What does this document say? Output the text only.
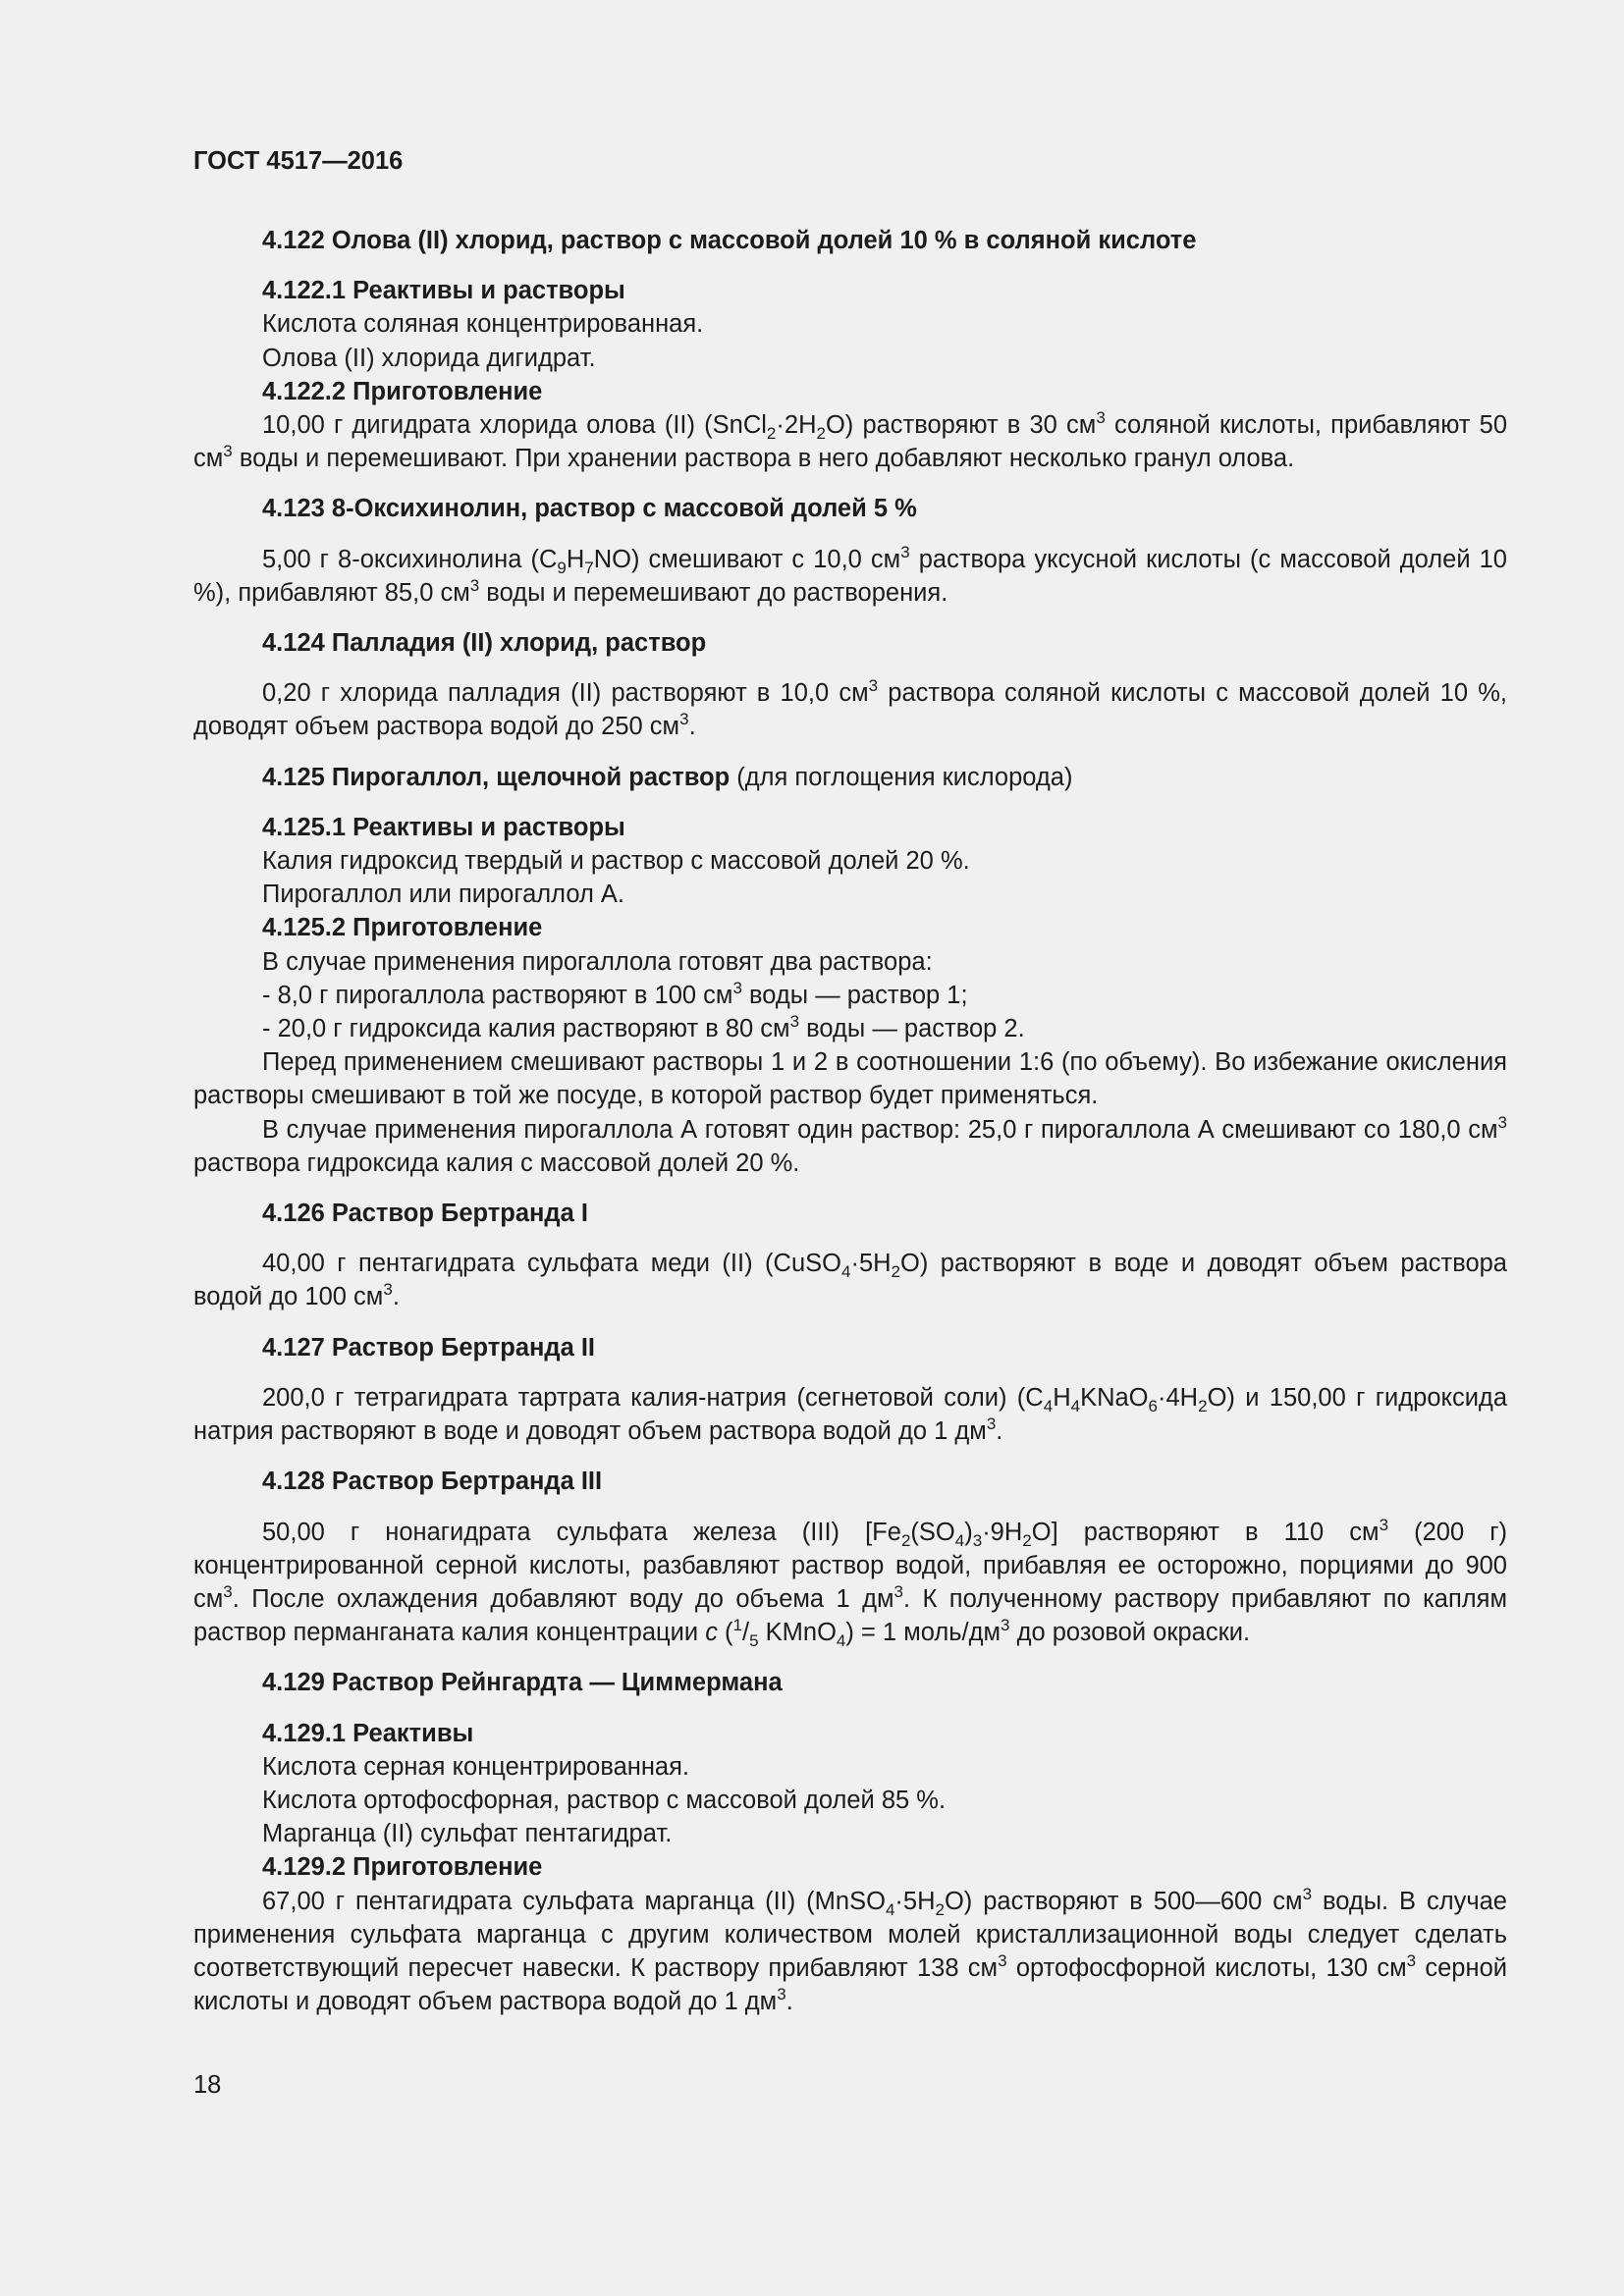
ГОСТ 4517—2016

4.122 Олова (II) хлорид, раствор с массовой долей 10 % в соляной кислоте

4.122.1 Реактивы и растворы

Кислота соляная концентрированная.

Олова (II) хлорида дигидрат.

4.122.2 Приготовление

10,00 г дигидрата хлорида олова (II) $(SnCl_2\cdot 2H_2O)$ растворяют в 30 $см^3$ соляной кислоты, прибавляют 50 $см^3$ воды и перемешивают. При хранении раствора в него добавляют несколько гранул олова.

4.123 8-Оксихинолин, раствор с массовой долей 5 %

5,00 г 8-оксихинолина $(C_9H_7NO)$ смешивают с 10,0 $см^3$ раствора уксусной кислоты (с массовой долей 10 %), прибавляют 85,0 $см^3$ воды и перемешивают до растворения.

4.124 Палладия (II) хлорид, раствор

0,20 г хлорида палладия (II) растворяют в 10,0 $см^3$ раствора соляной кислоты с массовой долей 10 %, доводят объем раствора водой до 250 $см^3$.

4.125 Пирогаллол, щелочной раствор (для поглощения кислорода)

4.125.1 Реактивы и растворы

Калия гидроксид твердый и раствор с массовой долей 20 %.

Пирогаллол или пирогаллол А.

4.125.2 Приготовление

В случае применения пирогаллола готовят два раствора:

- 8,0 г пирогаллола растворяют в 100 $см^3$ воды — раствор 1;

- 20,0 г гидроксида калия растворяют в 80 $см^3$ воды — раствор 2.

Перед применением смешивают растворы 1 и 2 в соотношении 1:6 (по объему). Во избежание окисления растворы смешивают в той же посуде, в которой раствор будет применяться.

В случае применения пирогаллола А готовят один раствор: 25,0 г пирогаллола А смешивают со 180,0 $см^3$ раствора гидроксида калия с массовой долей 20 %.

4.126 Раствор Бертранда I

40,00 г пентагидрата сульфата меди (II) $(CuSO_4\cdot 5H_2O)$ растворяют в воде и доводят объем раствора водой до 100 $см^3$.

4.127 Раствор Бертранда II

200,0 г тетрагидрата тартрата калия-натрия (сегнетовой соли) $(C_4H_4KNaO_6\cdot 4H_2O)$ и 150,00 г гидроксида натрия растворяют в воде и доводят объем раствора водой до 1 $дм^3$.

4.128 Раствор Бертранда III

50,00 г нонагидрата сульфата железа (III) $[Fe_2(SO_4)_3\cdot 9H_2O]$ растворяют в 110 $см^3$ (200 г) концентрированной серной кислоты, разбавляют раствор водой, прибавляя ее осторожно, порциями до 900 $см^3$. После охлаждения добавляют воду до объема 1 $дм^3$. К полученному раствору прибавляют по каплям раствор перманганата калия концентрации c ($^1/_5$ KMnO$_4$) = 1 моль/$дм^3$ до розовой окраски.

4.129 Раствор Рейнгардта — Циммермана

4.129.1 Реактивы

Кислота серная концентрированная.

Кислота ортофосфорная, раствор с массовой долей 85 %.

Марганца (II) сульфат пентагидрат.

4.129.2 Приготовление

67,00 г пентагидрата сульфата марганца (II) $(MnSO_4\cdot 5H_2O)$ растворяют в 500—600 $см^3$ воды. В случае применения сульфата марганца с другим количеством молей кристаллизационной воды следует сделать соответствующий пересчет навески. К раствору прибавляют 138 $см^3$ ортофосфорной кислоты, 130 $см^3$ серной кислоты и доводят объем раствора водой до 1 $дм^3$.

18
